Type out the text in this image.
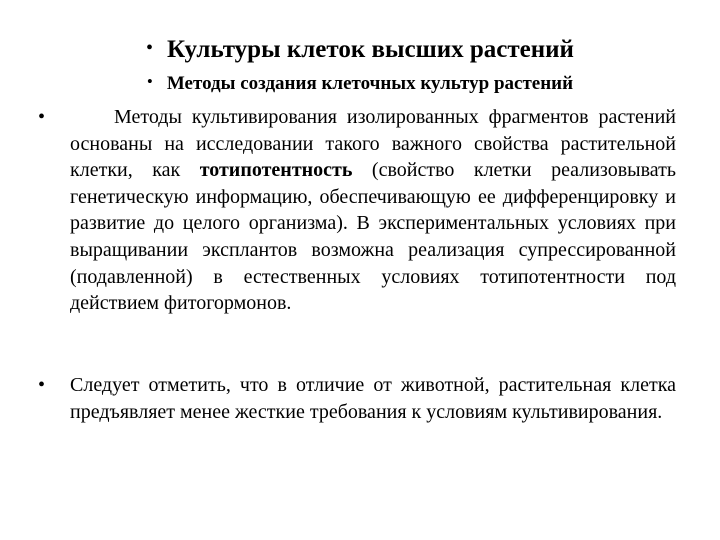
• Культуры клеток высших растений
• Методы создания клеточных культур растений
•	Методы культивирования изолированных фрагментов растений основаны на исследовании такого важного свойства растительной клетки, как тотипотентность (свойство клетки реализовывать генетическую информацию, обеспечивающую ее дифференцировку и развитие до целого организма). В экспериментальных условиях при выращивании эксплантов возможна реализация супрессированной (подавленной) в естественных условиях тотипотентности под действием фитогормонов.
• Следует отметить, что в отличие от животной, растительная клетка предъявляет менее жесткие требования к условиям культивирования.
